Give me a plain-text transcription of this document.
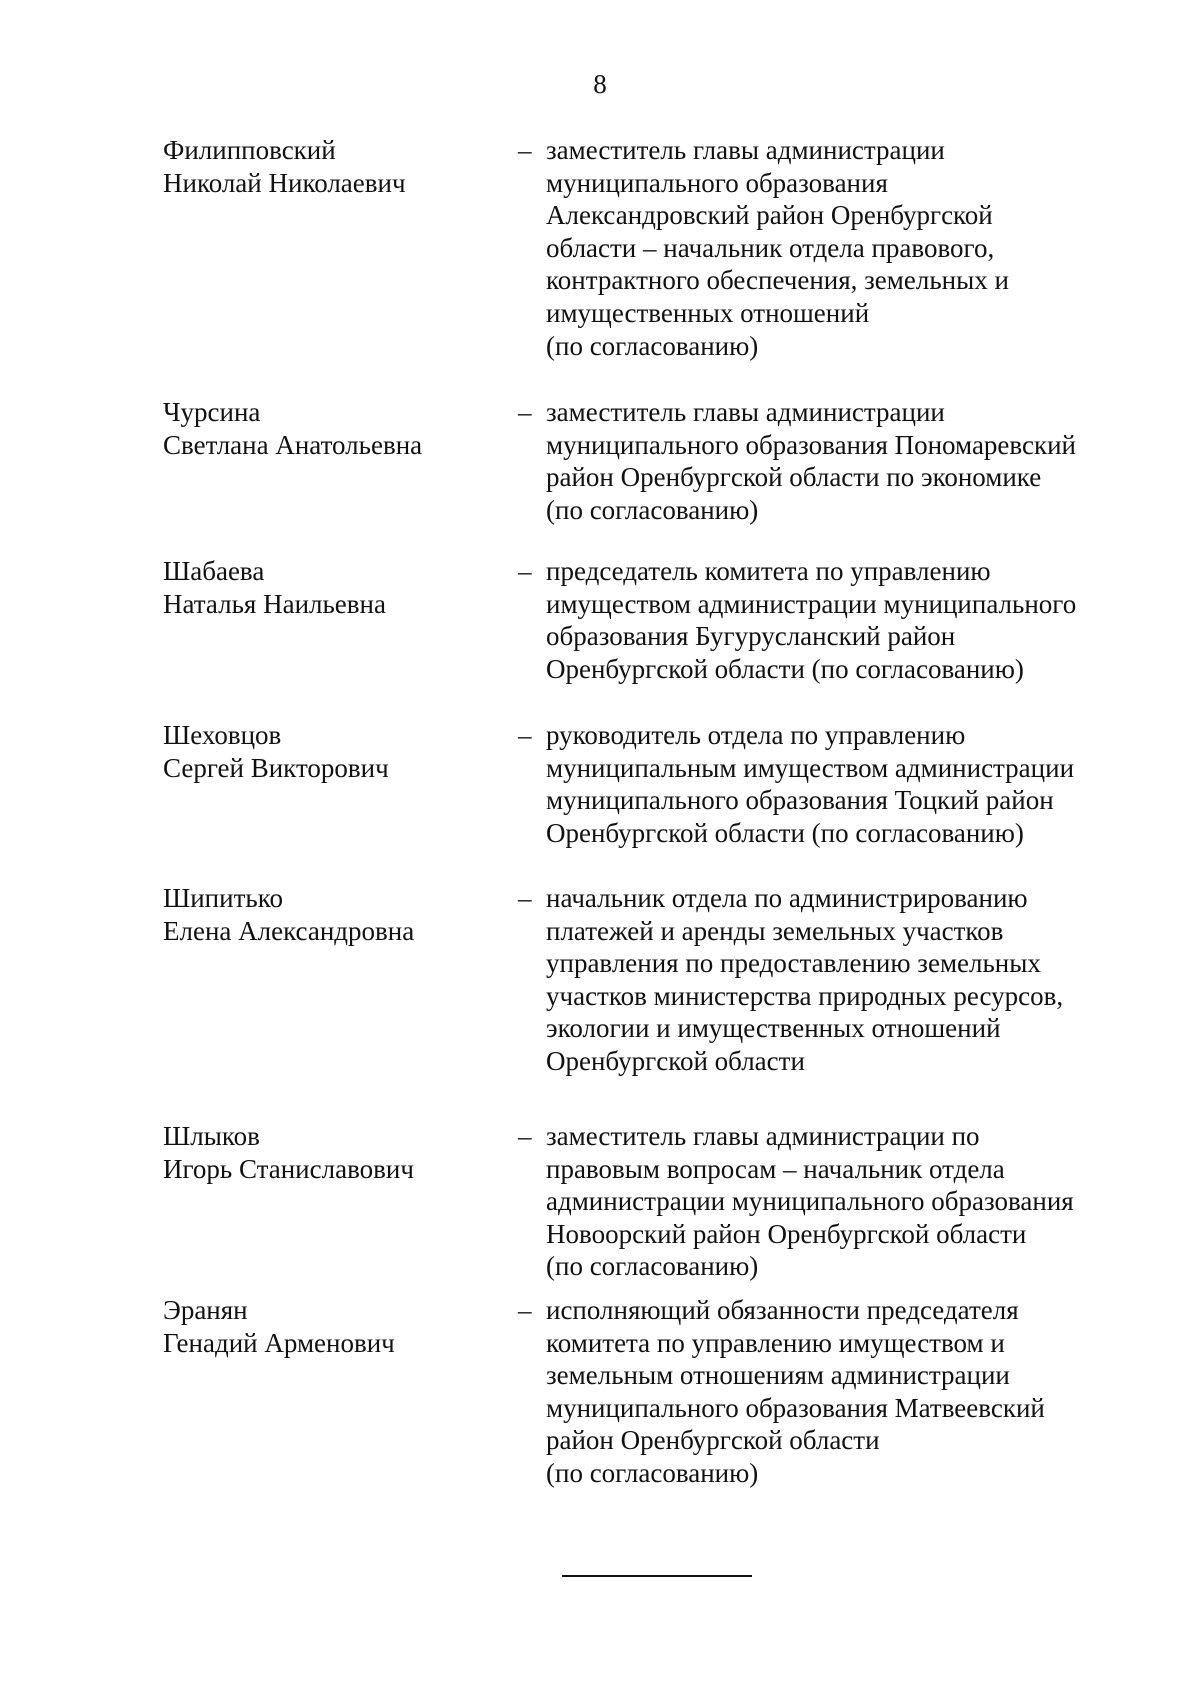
8
Филипповский
Николай Николаевич
– заместитель главы администрации
муниципального образования
Александровский район Оренбургской
области – начальник отдела правового,
контрактного обеспечения, земельных и
имущественных отношений
(по согласованию)
Чурсина
Светлана Анатольевна
– заместитель главы администрации
муниципального образования Пономаревский
район Оренбургской области по экономике
(по согласованию)
Шабаева
Наталья Наильевна
– председатель комитета по управлению
имуществом администрации муниципального
образования Бугурусланский район
Оренбургской области (по согласованию)
Шеховцов
Сергей Викторович
– руководитель отдела по управлению
муниципальным имуществом администрации
муниципального образования Тоцкий район
Оренбургской области (по согласованию)
Шипитько
Елена Александровна
– начальник отдела по администрированию
платежей и аренды земельных участков
управления по предоставлению земельных
участков министерства природных ресурсов,
экологии и имущественных отношений
Оренбургской области
Шлыков
Игорь Станиславович
– заместитель главы администрации по
правовым вопросам – начальник отдела
администрации муниципального образования
Новоорский район Оренбургской области
(по согласованию)
Эранян
Генадий Арменович
– исполняющий обязанности председателя
комитета по управлению имуществом и
земельным отношениям администрации
муниципального образования Матвеевский
район Оренбургской области
(по согласованию)
